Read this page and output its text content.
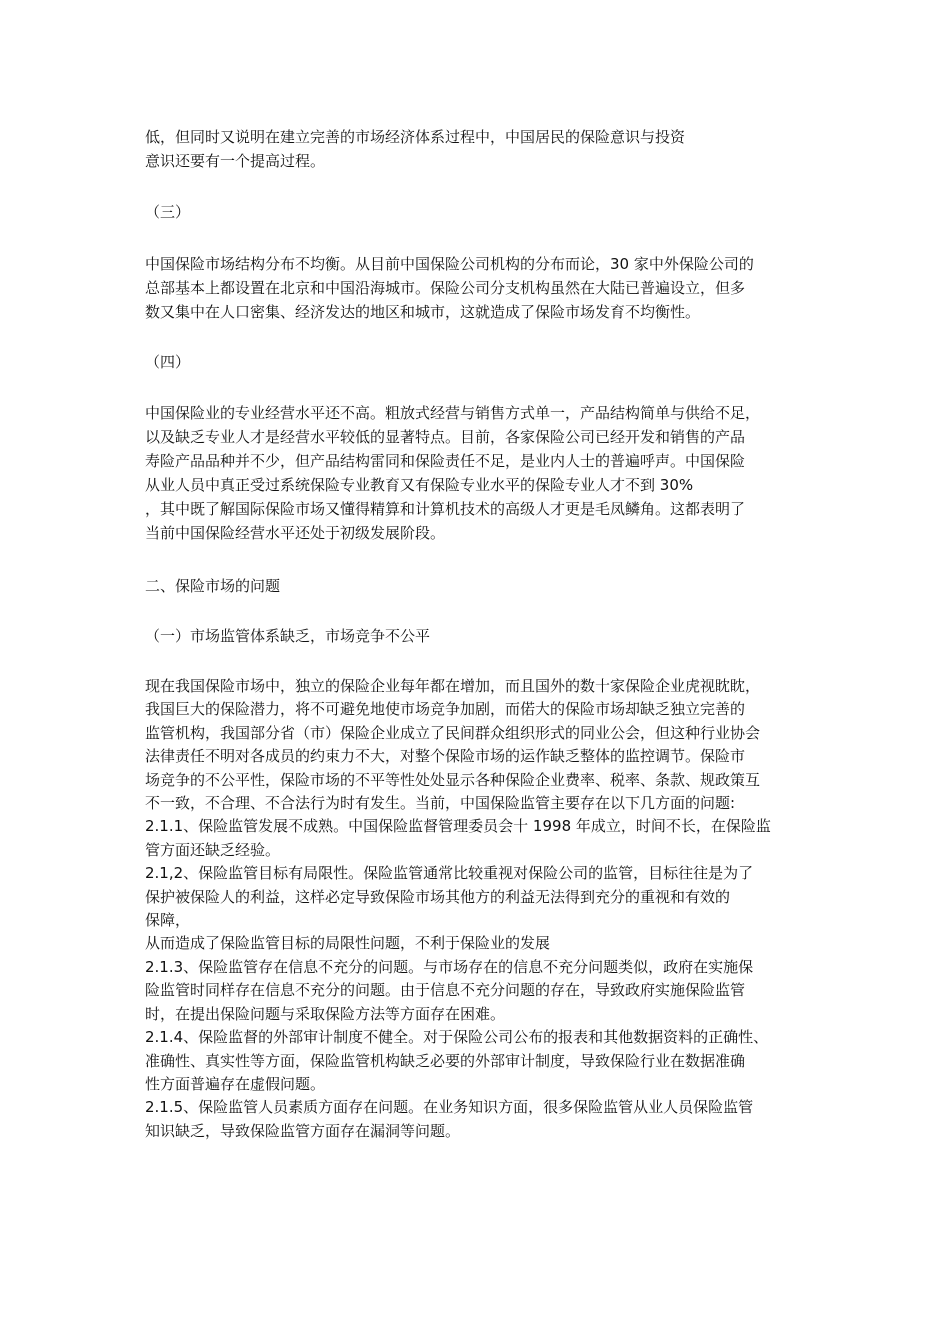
低，但同时又说明在建立完善的市场经济体系过程中，中国居民的保险意识与投资
意识还要有一个提高过程。
（三）
中国保险市场结构分布不均衡。从目前中国保险公司机构的分布而论，30 家中外保险公司的
总部基本上都设置在北京和中国沿海城市。保险公司分支机构虽然在大陆已普遍设立，但多
数又集中在人口密集、经济发达的地区和城市，这就造成了保险市场发育不均衡性。
（四）
中国保险业的专业经营水平还不高。粗放式经营与销售方式单一，产品结构简单与供给不足，
以及缺乏专业人才是经营水平较低的显著特点。目前，各家保险公司已经开发和销售的产品
寿险产品品种并不少，但产品结构雷同和保险责任不足，是业内人士的普遍呼声。中国保险
从业人员中真正受过系统保险专业教育又有保险专业水平的保险专业人才不到 30%
，其中既了解国际保险市场又懂得精算和计算机技术的高级人才更是毛凤鳞角。这都表明了
当前中国保险经营水平还处于初级发展阶段。
二、保险市场的问题
（一）市场监管体系缺乏，市场竞争不公平
现在我国保险市场中，独立的保险企业每年都在增加，而且国外的数十家保险企业虎视眈眈，
我国巨大的保险潜力，将不可避免地使市场竞争加剧，而偌大的保险市场却缺乏独立完善的
监管机构，我国部分省（市）保险企业成立了民间群众组织形式的同业公会，但这种行业协会
法律责任不明对各成员的约束力不大，对整个保险市场的运作缺乏整体的监控调节。保险市
场竞争的不公平性，保险市场的不平等性处处显示各种保险企业费率、税率、条款、规政策互
不一致，不合理、不合法行为时有发生。当前，中国保险监管主要存在以下几方面的问题:
2.1.1、保险监管发展不成熟。中国保险监督管理委员会十 1998 年成立，时间不长，在保险监
管方面还缺乏经验。
2.1,2、保险监管目标有局限性。保险监管通常比较重视对保险公司的监管，目标往往是为了
保护被保险人的利益，这样必定导致保险市场其他方的利益无法得到充分的重视和有效的
保障，
从而造成了保险监管目标的局限性问题，不利于保险业的发展
2.1.3、保险监管存在信息不充分的问题。与市场存在的信息不充分问题类似，政府在实施保
险监管时同样存在信息不充分的问题。由于信息不充分问题的存在，导致政府实施保险监管
时，在提出保险问题与采取保险方法等方面存在困难。
2.1.4、保险监督的外部审计制度不健全。对于保险公司公布的报表和其他数据资料的正确性、
准确性、真实性等方面，保险监管机构缺乏必要的外部审计制度，导致保险行业在数据准确
性方面普遍存在虚假问题。
2.1.5、保险监管人员素质方面存在问题。在业务知识方面，很多保险监管从业人员保险监管
知识缺乏，导致保险监管方面存在漏洞等问题。
